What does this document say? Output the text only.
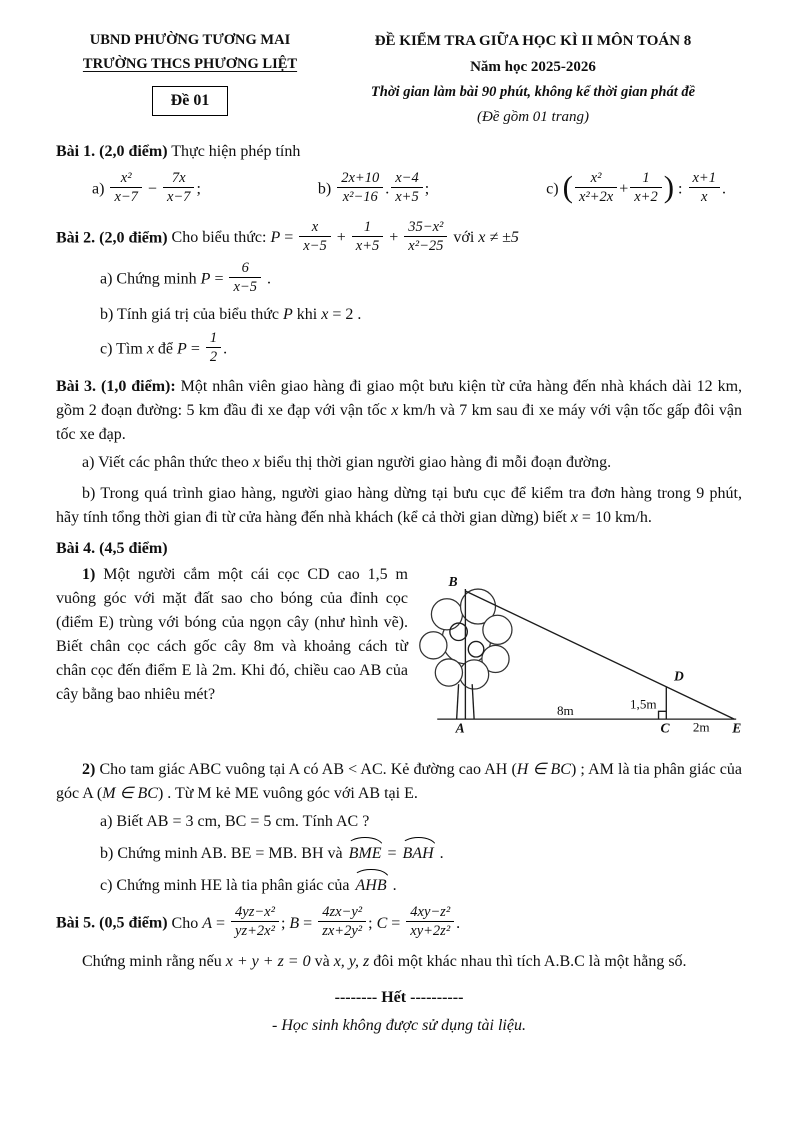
UBND PHƯỜNG TƯƠNG MAI
TRƯỜNG THCS PHƯƠNG LIỆT
Đề 01
ĐỀ KIỂM TRA GIỮA HỌC KÌ II MÔN TOÁN 8
Năm học 2025-2026
Thời gian làm bài 90 phút, không kể thời gian phát đề
(Đề gồm 01 trang)
Bài 1. (2,0 điểm) Thực hiện phép tính
$a) \frac{\text{x²}}{x-7} - \frac{7x}{x-7}$ ;	$b) \frac{2x+10}{\text{x²−16}}$ . $\frac{x-4}{x+5}$ ;	c) ( $\frac{\text{x²}}{\text{x²+2x}} + \frac{1}{x+2}$ ) : $\frac{x+1}{x}$ .
Bài 2. (2,0 điểm) Cho biểu thức: $P = \frac{x}{x-5} + \frac{1}{x+5} + \frac{\text{35−x²}}{\text{x²−25}}$ với x ≠ ±5
a) Chứng minh $P = \frac{6}{x-5}$ .
b) Tính giá trị của biểu thức P khi x = 2 .
c) Tìm x để $P = \frac{1}{2}$ .
Bài 3. (1,0 điểm): Một nhân viên giao hàng đi giao một bưu kiện từ cửa hàng đến nhà khách dài 12 km, gồm 2 đoạn đường: 5 km đầu đi xe đạp với vận tốc x km/h và 7 km sau đi xe máy với vận tốc gấp đôi vận tốc xe đạp.
a) Viết các phân thức theo x biểu thị thời gian người giao hàng đi mỗi đoạn đường.
b) Trong quá trình giao hàng, người giao hàng dừng tại bưu cục để kiểm tra đơn hàng trong 9 phút, hãy tính tổng thời gian đi từ cửa hàng đến nhà khách (kể cả thời gian dừng) biết x = 10 km/h.
Bài 4. (4,5 điểm)
1) Một người cắm một cái cọc CD cao 1,5 m vuông góc với mặt đất sao cho bóng của đỉnh cọc (điểm E) trùng với bóng của ngọn cây (như hình vẽ). Biết chân cọc cách gốc cây 8m và khoảng cách từ chân cọc đến điểm E là 2m. Khi đó, chiều cao AB của cây bằng bao nhiêu mét?
B
A	C
D
E
1,5m
8m
2m
2) Cho tam giác ABC vuông tại A có AB < AC. Kẻ đường cao AH (H ∈ BC) ; AM là tia phân giác của góc A (M ∈ BC) . Từ M kẻ ME vuông góc với AB tại E.
a) Biết AB = 3 cm, BC = 5 cm. Tính AC ?
b) Chứng minh AB. BE = MB. BH và BME = BAH .
c) Chứng minh HE là tia phân giác của AHB .
Bài 5. (0,5 điểm) Cho $A = \frac{\text{4yz−x²}}{\text{yz+2x²}}$ ; $B = \frac{\text{4zx−y²}}{\text{zx+2y²}}$ ; $C = \frac{\text{4xy−z²}}{\text{xy+2z²}}$ .
Chứng minh rằng nếu x + y + z = 0 và x, y, z đôi một khác nhau thì tích A.B.C là một hằng số.
-------- Hết ----------
- Học sinh không được sử dụng tài liệu.
